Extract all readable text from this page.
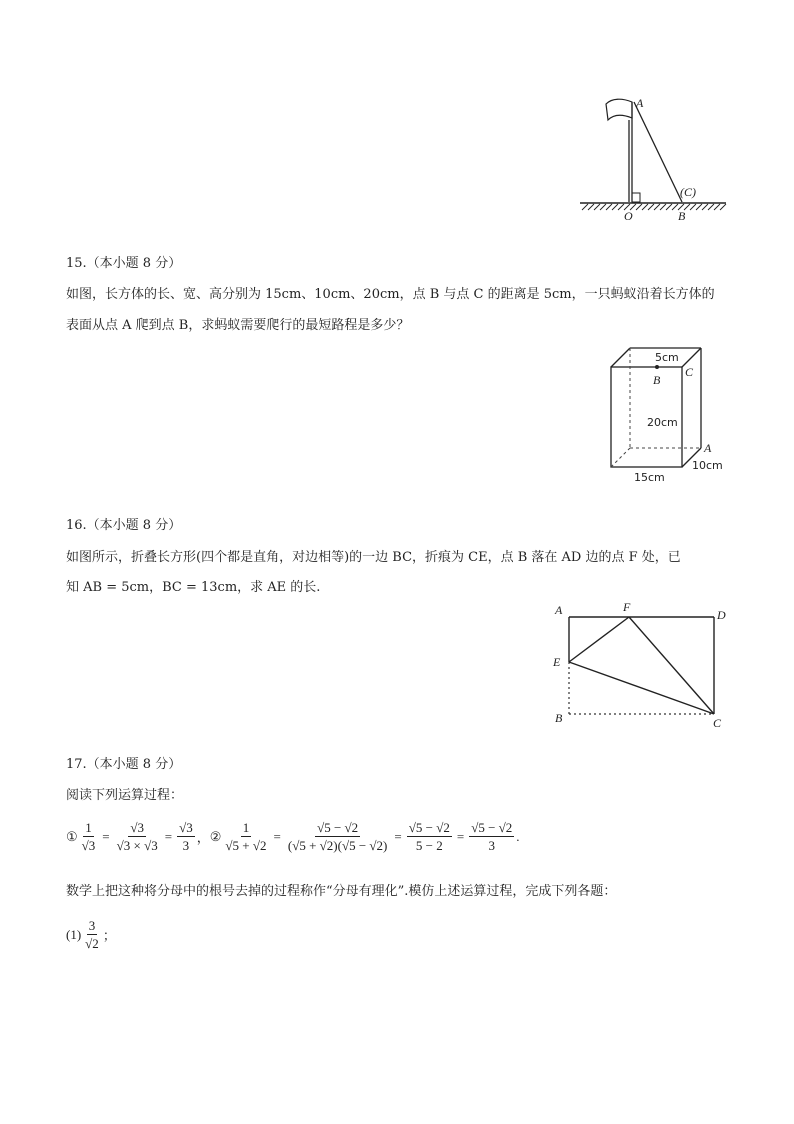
A
(C)
O	B
15.（本小题 8 分）
如图，长方体的长、宽、高分别为 15cm、10cm、20cm，点 B 与点 C 的距离是 5cm，一只蚂蚁沿着长方体的
表面从点 A 爬到点 B，求蚂蚁需要爬行的最短路程是多少？
5cm
B
C
20cm
A
10cm
15cm
16.（本小题 8 分）
如图所示，折叠长方形(四个都是直角，对边相等)的一边 BC，折痕为 CE，点 B 落在 AD 边的点 F 处，已
知 AB = 5cm，BC = 13cm，求 AE 的长.
A	F
D
E
B	C
17.（本小题 8 分）
阅读下列运算过程：
① $\frac{1}{√3} = \frac{√3}{√3 \times √3} = \frac{√3}{3}$ ， ② $\frac{1}{√5 + √2} = \frac{√5 - √2}{(√5 + √2)(√5 - √2)} = \frac{√5 - √2}{5 - 2} = \frac{√5 - √2}{3}$ .
数学上把这种将分母中的根号去掉的过程称作“分母有理化”.模仿上述运算过程，完成下列各题：
$(1) \frac{3}{√2}$ ；
